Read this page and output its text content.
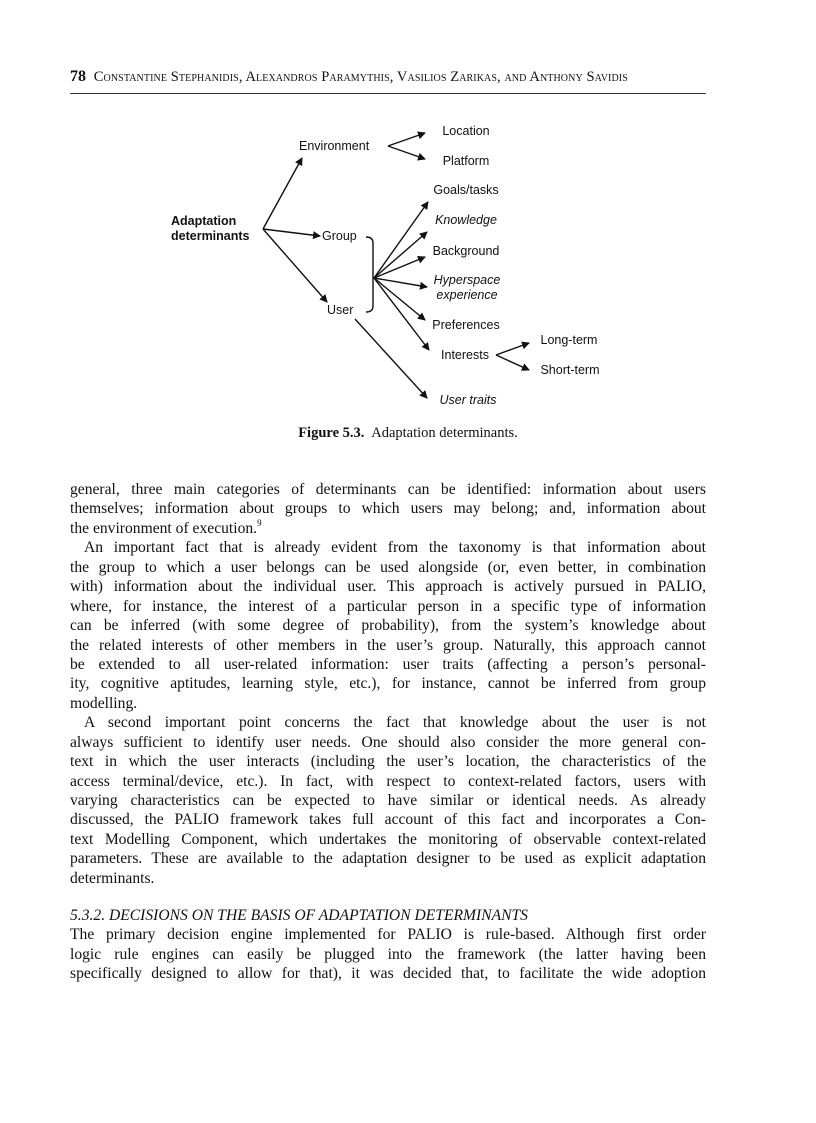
78 Constantine Stephanidis, Alexandros Paramythis, Vasilios Zarikas, and Anthony Savidis
Adaptation
determinants
Environment
Group
User
Location
Platform
Goals/tasks
Knowledge
Background
Hyperspace
experience
Preferences
Interests
Long-term
Short-term
User traits
Figure 5.3. Adaptation determinants.
general, three main categories of determinants can be identified: information about users
themselves; information about groups to which users may belong; and, information about
the environment of execution.$^9$
An important fact that is already evident from the taxonomy is that information about
the group to which a user belongs can be used alongside (or, even better, in combination
with) information about the individual user. This approach is actively pursued in PALIO,
where, for instance, the interest of a particular person in a specific type of information
can be inferred (with some degree of probability), from the system’s knowledge about
the related interests of other members in the user’s group. Naturally, this approach cannot
be extended to all user-related information: user traits (affecting a person’s personal-
ity, cognitive aptitudes, learning style, etc.), for instance, cannot be inferred from group
modelling.
A second important point concerns the fact that knowledge about the user is not
always sufficient to identify user needs. One should also consider the more general con-
text in which the user interacts (including the user’s location, the characteristics of the
access terminal/device, etc.). In fact, with respect to context-related factors, users with
varying characteristics can be expected to have similar or identical needs. As already
discussed, the PALIO framework takes full account of this fact and incorporates a Con-
text Modelling Component, which undertakes the monitoring of observable context-related
parameters. These are available to the adaptation designer to be used as explicit adaptation
determinants.
5.3.2. DECISIONS ON THE BASIS OF ADAPTATION DETERMINANTS
The primary decision engine implemented for PALIO is rule-based. Although first order
logic rule engines can easily be plugged into the framework (the latter having been
specifically designed to allow for that), it was decided that, to facilitate the wide adoption
